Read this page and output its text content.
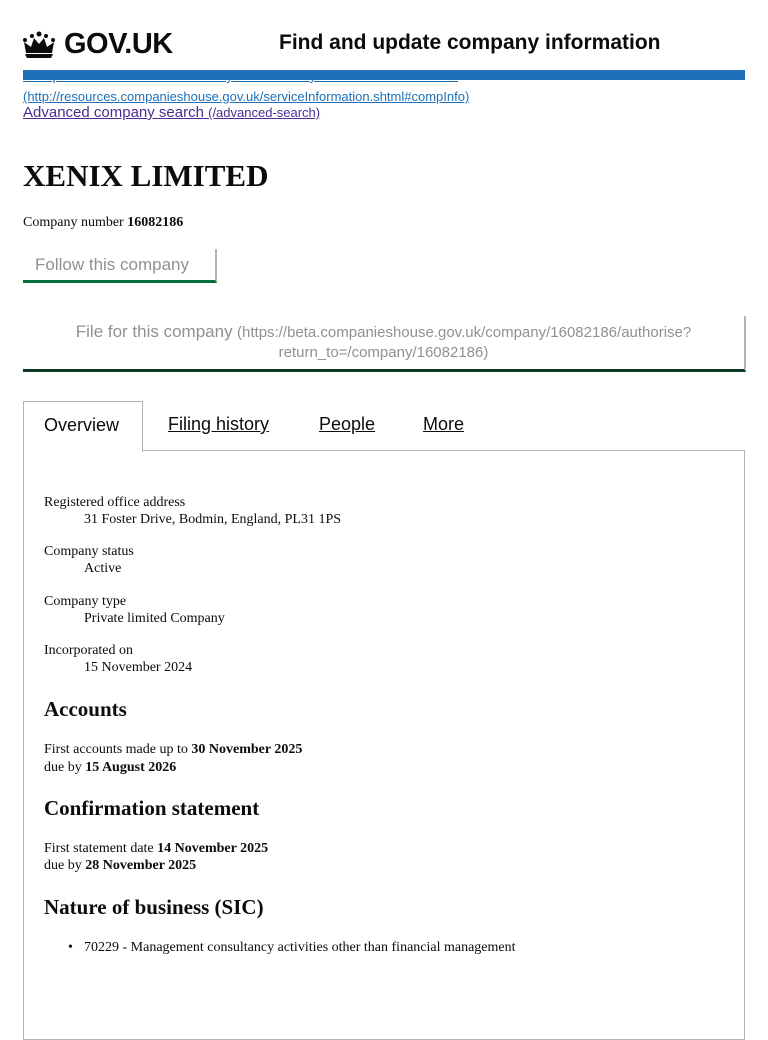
GOV.UK	Find and update company information
(http://resources.companieshouse.gov.uk/serviceInformation.shtml#compInfo)
Advanced company search (/advanced-search)
XENIX LIMITED
Company number 16082186
Follow this company
File for this company (https://beta.companieshouse.gov.uk/company/16082186/authorise?return_to=/company/16082186)
Overview	Filing history	People	More
Registered office address
31 Foster Drive, Bodmin, England, PL31 1PS
Company status
Active
Company type
Private limited Company
Incorporated on
15 November 2024
Accounts
First accounts made up to 30 November 2025
due by 15 August 2026
Confirmation statement
First statement date 14 November 2025
due by 28 November 2025
Nature of business (SIC)
• 70229 - Management consultancy activities other than financial management
